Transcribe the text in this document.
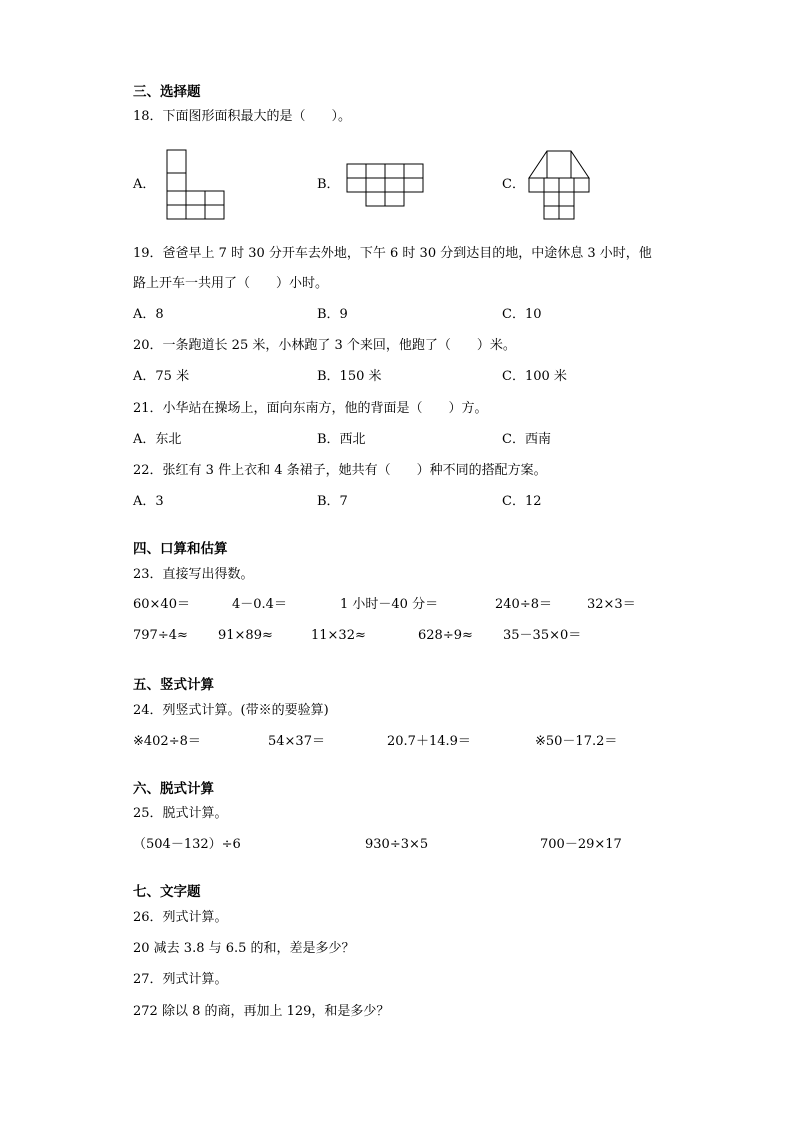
三、选择题
18．下面图形面积最大的是（　　）。
A．	B．	C．
19．爸爸早上 7 时 30 分开车去外地，下午 6 时 30 分到达目的地，中途休息 3 小时，他
路上开车一共用了（　　）小时。
A．8	B．9	C．10
20．一条跑道长 25 米，小林跑了 3 个来回，他跑了（　　）米。
A．75 米	B．150 米	C．100 米
21．小华站在操场上，面向东南方，他的背面是（　　）方。
A．东北	B．西北	C．西南
22．张红有 3 件上衣和 4 条裙子，她共有（　　）种不同的搭配方案。
A．3	B．7	C．12
四、口算和估算
23．直接写出得数。
60×40＝	4－0.4＝	1 小时－40 分＝	240÷8＝	32×3＝
797÷4≈ 91×89≈	11×32≈	628÷9≈ 35－35×0＝
五、竖式计算
24．列竖式计算。(带※的要验算)
※402÷8＝	54×37＝	20.7＋14.9＝	※50－17.2＝
六、脱式计算
25．脱式计算。
（504－132）÷6	930÷3×5	700－29×17
七、文字题
26．列式计算。
20 减去 3.8 与 6.5 的和，差是多少？
27．列式计算。
272 除以 8 的商，再加上 129，和是多少？
